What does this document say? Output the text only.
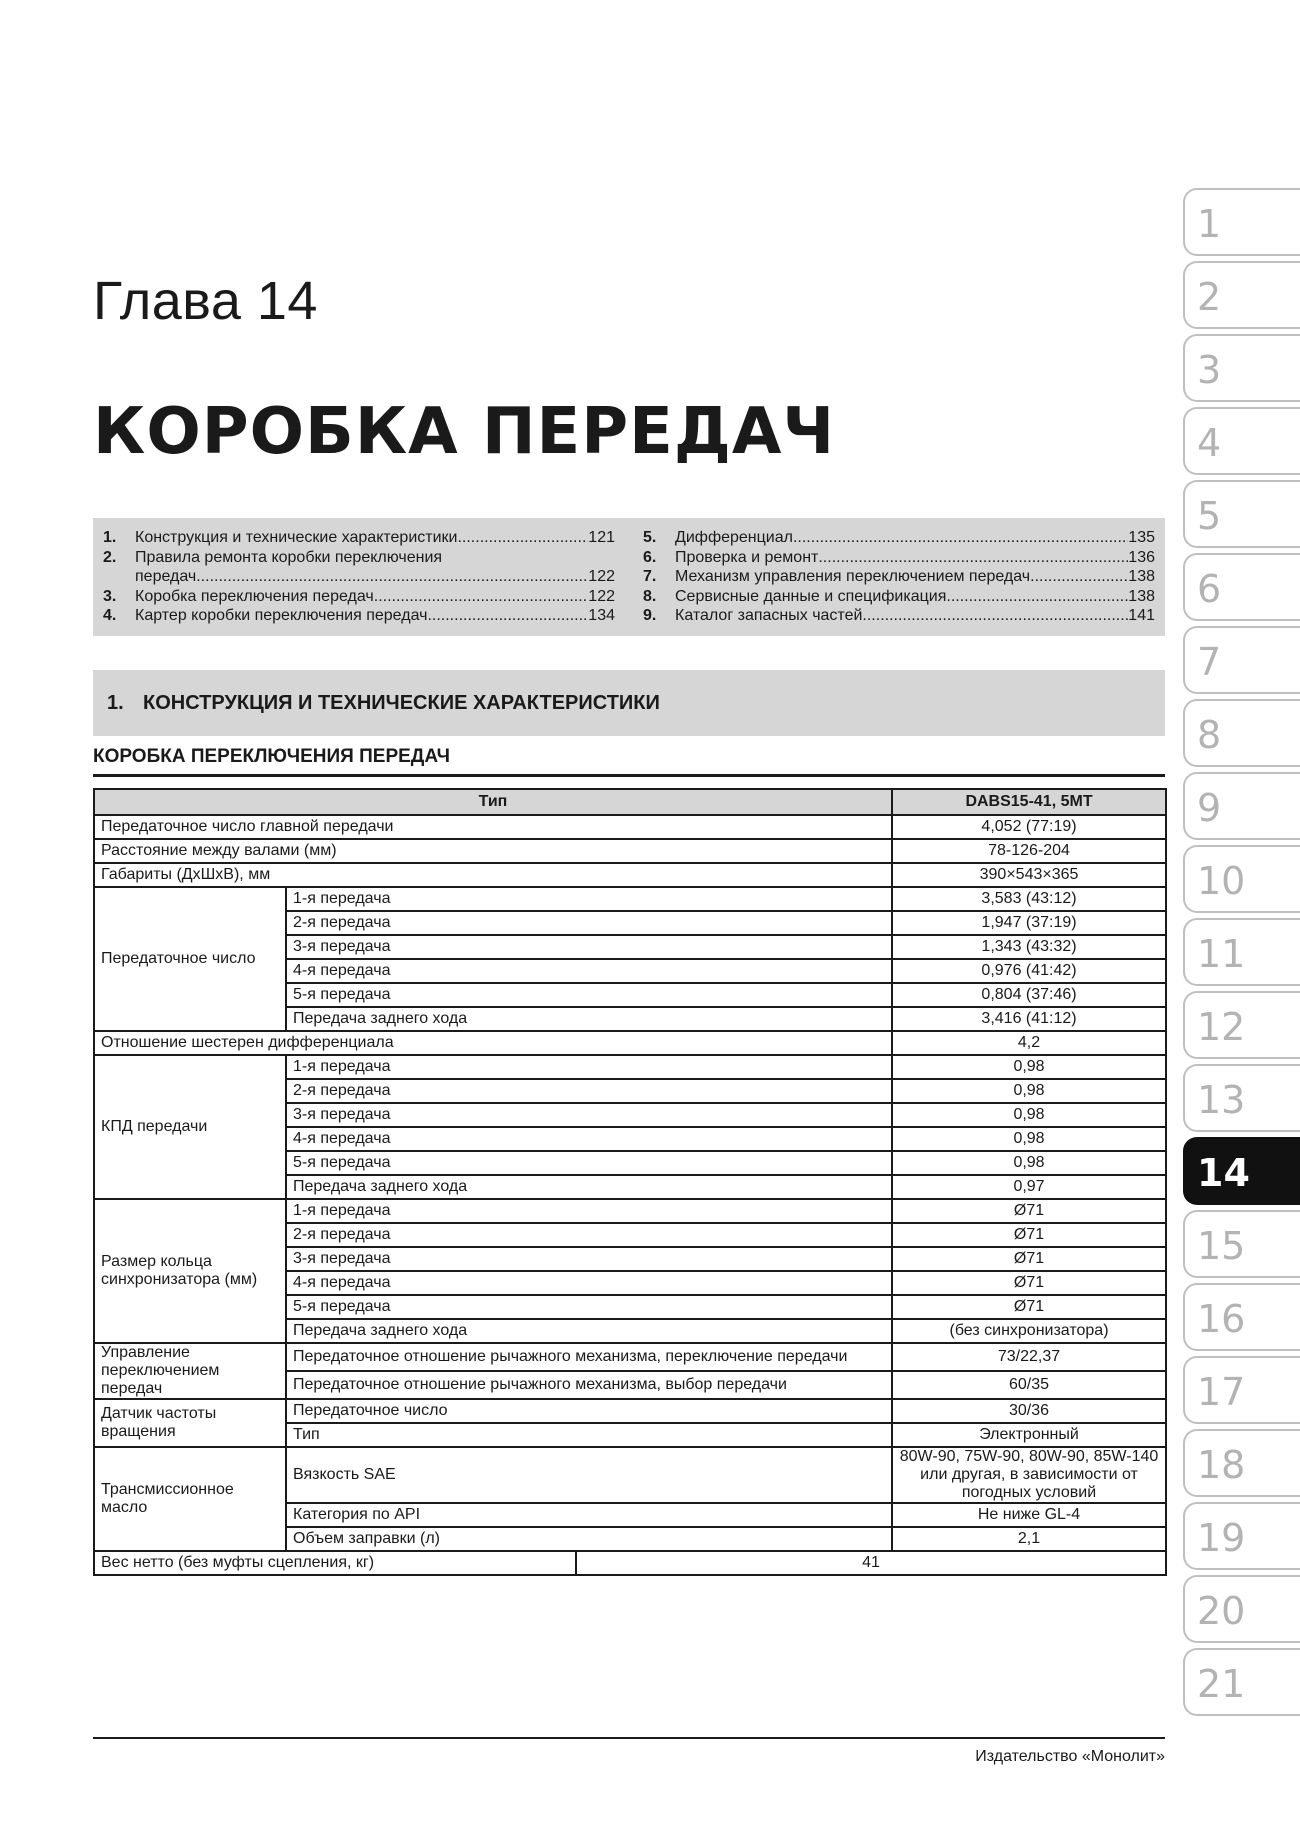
Глава 14
КОРОБКА ПЕРЕДАЧ
1.	Конструкция и технические характеристики .....	121
2.	Правила ремонта коробки переключения
передач .....	122
3.	Коробка переключения передач .....	122
4.	Картер коробки переключения передач .....	134
5.	Дифференциал .....	135
6.	Проверка и ремонт .....	136
7.	Механизм управления переключением передач .....	138
8.	Сервисные данные и спецификация .....	138
9.	Каталог запасных частей .....	141
1. КОНСТРУКЦИЯ И ТЕХНИЧЕСКИЕ ХАРАКТЕРИСТИКИ
КОРОБКА ПЕРЕКЛЮЧЕНИЯ ПЕРЕДАЧ
Тип			DABS15-41, 5MT
Передаточное число главной передачи			4,052 (77:19)
Расстояние между валами (мм)			78-126-204
Габариты (ДхШхВ), мм			390×543×365
Передаточное число	1-я передача		3,583 (43:12)
	2-я передача		1,947 (37:19)
	3-я передача		1,343 (43:32)
	4-я передача		0,976 (41:42)
	5-я передача		0,804 (37:46)
	Передача заднего хода		3,416 (41:12)
Отношение шестерен дифференциала			4,2
КПД передачи	1-я передача		0,98
	2-я передача		0,98
	3-я передача		0,98
	4-я передача		0,98
	5-я передача		0,98
	Передача заднего хода		0,97
Размер кольца синхронизатора (мм)	1-я передача		Ø71
	2-я передача		Ø71
	3-я передача		Ø71
	4-я передача		Ø71
	5-я передача		Ø71
	Передача заднего хода		(без синхронизатора)
Управление переключением передач	Передаточное отношение рычажного механизма, переключение передачи		73/22,37
	Передаточное отношение рычажного механизма, выбор передачи		60/35
Датчик частоты вращения	Передаточное число		30/36
	Тип		Электронный
Трансмиссионное масло	Вязкость SAE		80W-90, 75W-90, 80W-90, 85W-140 или другая, в зависимости от погодных условий
	Категория по API		Не ниже GL-4
	Объем заправки (л)		2,1
Вес нетто (без муфты сцепления, кг)		41	
Издательство «Монолит»
1
2
3
4
5
6
7
8
9
10
11
12
13
14
15
16
17
18
19
20
21
